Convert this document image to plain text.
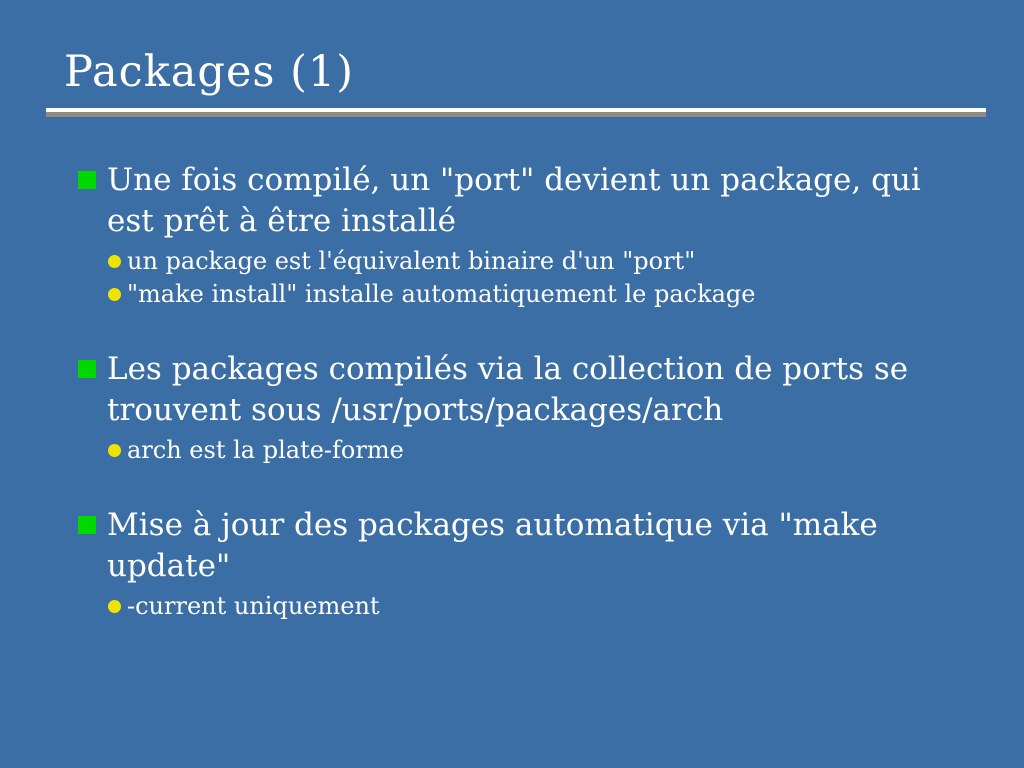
Packages (1)
Une fois compilé, un "port" devient un package, qui
est prêt à être installé
un package est l'équivalent binaire d'un "port"
"make install" installe automatiquement le package
Les packages compilés via la collection de ports se
trouvent sous /usr/ports/packages/arch
arch est la plate-forme
Mise à jour des packages automatique via "make
update"
-current uniquement
